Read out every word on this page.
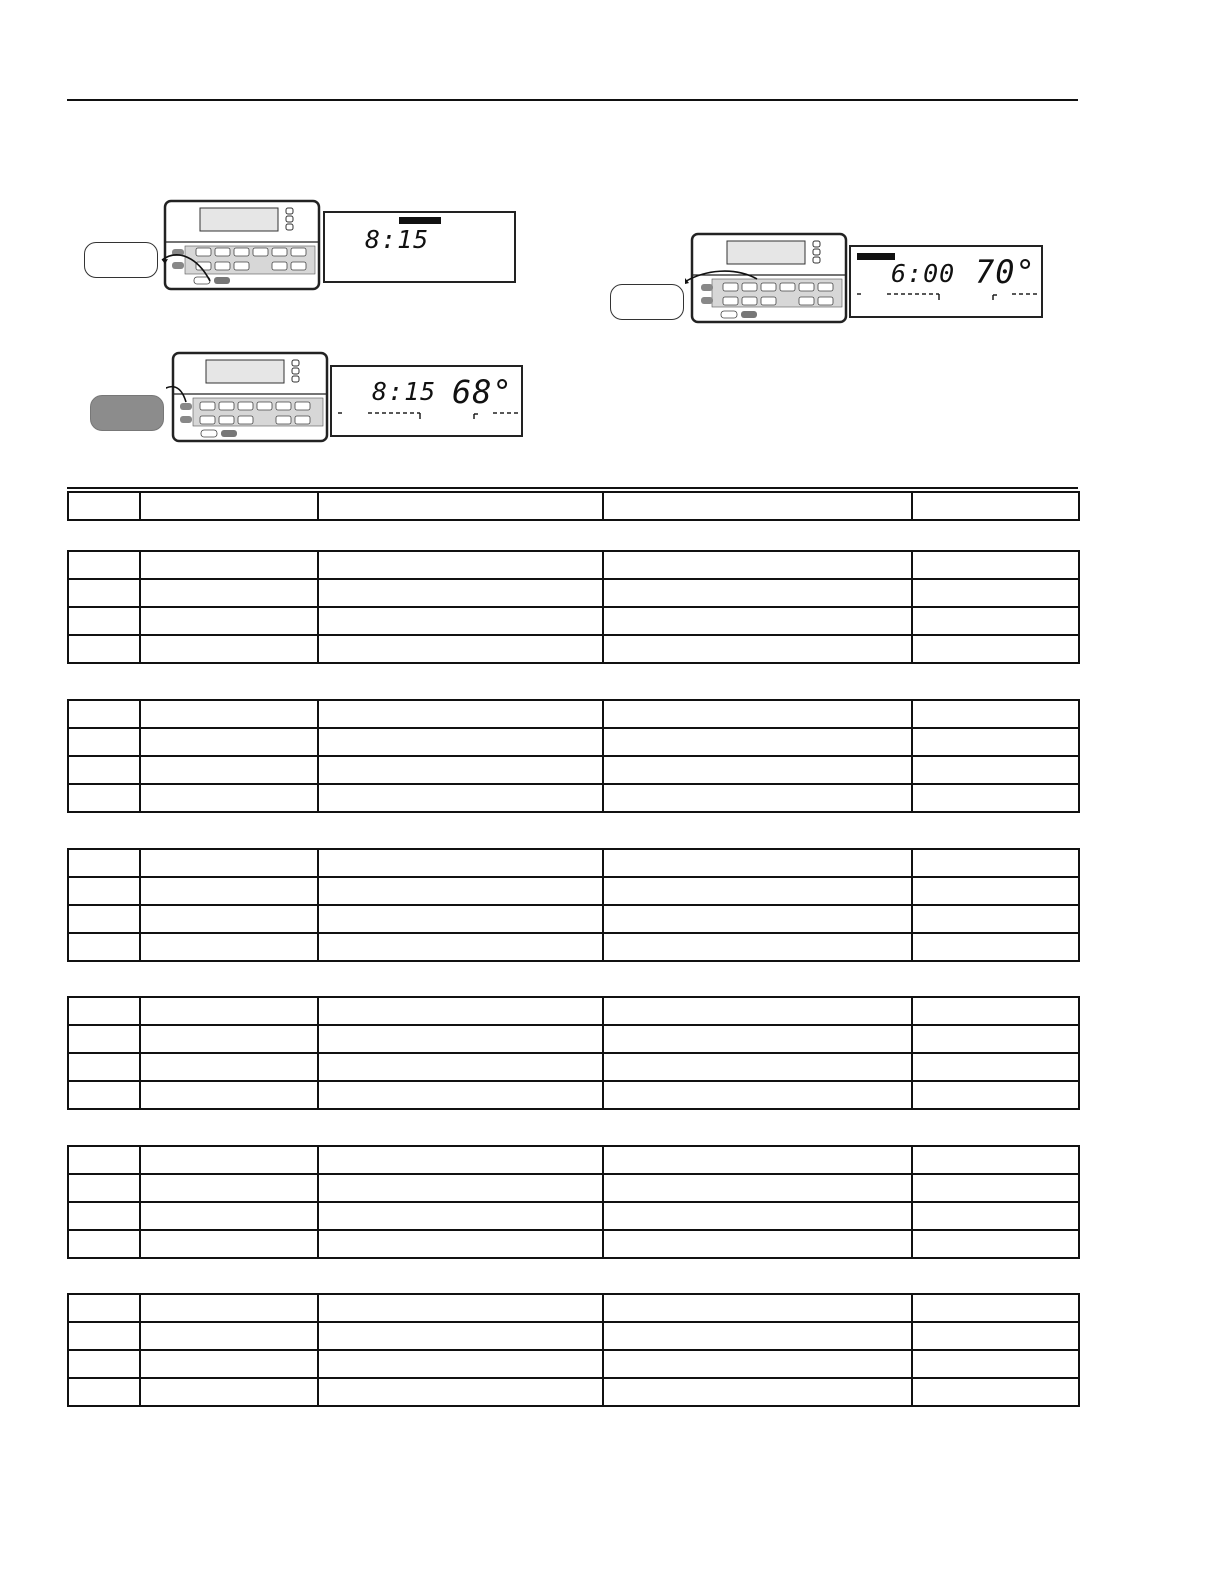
8:15
8:15 68°
6:00 70°
